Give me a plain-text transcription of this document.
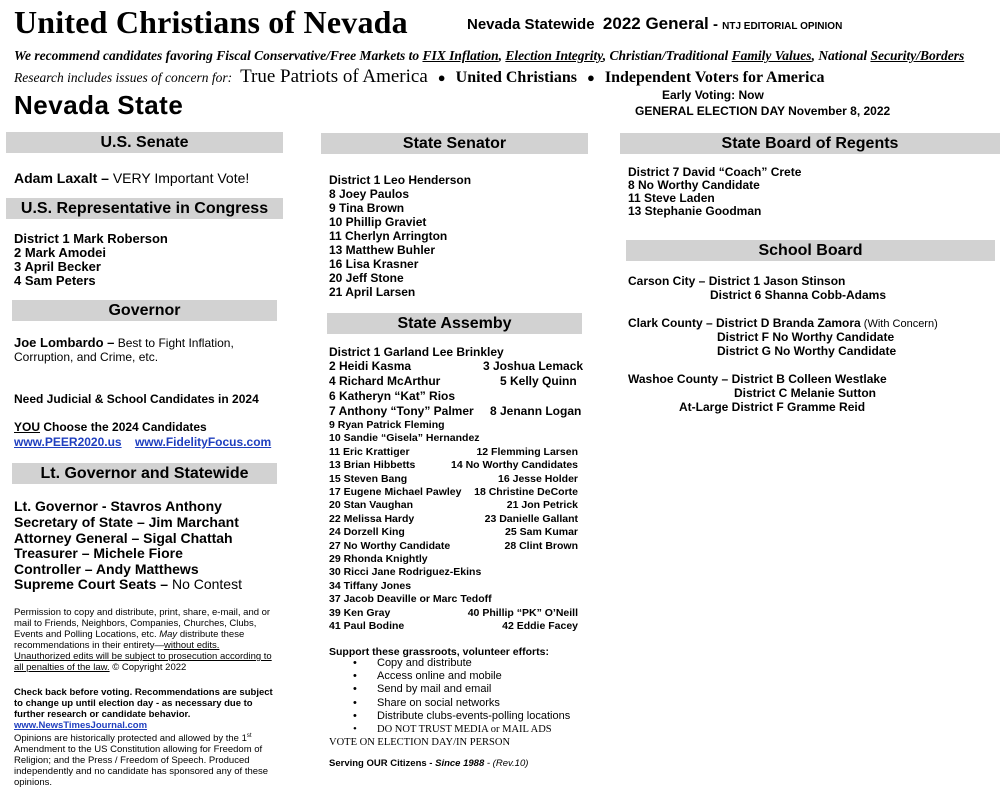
United Christians of Nevada	Nevada Statewide 2022 General - NTJ EDITORIAL OPINION
We recommend candidates favoring Fiscal Conservative/Free Markets to FIX Inflation, Election Integrity, Christian/Traditional Family Values, National Security/Borders
Research includes issues of concern for: True Patriots of America ● United Christians ● Independent Voters for America
Nevada State	Early Voting: Now
GENERAL ELECTION DAY November 8, 2022
U.S. Senate
Adam Laxalt – VERY Important Vote!
U.S. Representative in Congress
District 1 Mark Roberson
2 Mark Amodei
3 April Becker
4 Sam Peters
Governor
Joe Lombardo – Best to Fight Inflation,
Corruption, and Crime, etc.
Need Judicial & School Candidates in 2024
YOU Choose the 2024 Candidates
www.PEER2020.us www.FidelityFocus.com
Lt. Governor and Statewide
Lt. Governor - Stavros Anthony
Secretary of State – Jim Marchant
Attorney General – Sigal Chattah
Treasurer – Michele Fiore
Controller – Andy Matthews
Supreme Court Seats – No Contest
Permission to copy and distribute, print, share, e-mail, and or mail to Friends, Neighbors, Companies, Churches, Clubs, Events and Polling Locations, etc. May distribute these recommendations in their entirety—without edits.
Unauthorized edits will be subject to prosecution according to all penalties of the law. © Copyright 2022
Check back before voting. Recommendations are subject to change up until election day - as necessary due to further research or candidate behavior.
www.NewsTimesJournal.com
Opinions are historically protected and allowed by the 1st Amendment to the US Constitution allowing for Freedom of Religion; and the Press / Freedom of Speech. Produced independently and no candidate has sponsored any of these opinions.
State Senator
District 1 Leo Henderson
8 Joey Paulos
9 Tina Brown
10 Phillip Graviet
11 Cherlyn Arrington
13 Matthew Buhler
16 Lisa Krasner
20 Jeff Stone
21 April Larsen
State Assemby
District 1 Garland Lee Brinkley
2 Heidi Kasma	3 Joshua Lemack
4 Richard McArthur	5 Kelly Quinn
6 Katheryn “Kat” Rios
7 Anthony “Tony” Palmer 8 Jenann Logan
9 Ryan Patrick Fleming
10 Sandie “Gisela” Hernandez
11 Eric Krattiger	12 Flemming Larsen
13 Brian Hibbetts	14 No Worthy Candidates
15 Steven Bang	16 Jesse Holder
17 Eugene Michael Pawley 18 Christine DeCorte
20 Stan Vaughan	21 Jon Petrick
22 Melissa Hardy	23 Danielle Gallant
24 Dorzell King	25 Sam Kumar
27 No Worthy Candidate	28 Clint Brown
29 Rhonda Knightly
30 Ricci Jane Rodriguez-Ekins
34 Tiffany Jones
37 Jacob Deaville or Marc Tedoff
39 Ken Gray	40 Phillip “PK” O’Neill
41 Paul Bodine	42 Eddie Facey
Support these grassroots, volunteer efforts:
• Copy and distribute
• Access online and mobile
• Send by mail and email
• Share on social networks
• Distribute clubs-events-polling locations
• DO NOT TRUST MEDIA or MAIL ADS
VOTE ON ELECTION DAY/IN PERSON
Serving OUR Citizens - Since 1988 - (Rev.10)
State Board of Regents
District 7 David “Coach” Crete
8 No Worthy Candidate
11 Steve Laden
13 Stephanie Goodman
School Board
Carson City – District 1 Jason Stinson
District 6 Shanna Cobb-Adams
Clark County – District D Branda Zamora (With Concern)
District F No Worthy Candidate
District G No Worthy Candidate
Washoe County – District B Colleen Westlake
District C Melanie Sutton
At-Large District F Gramme Reid
